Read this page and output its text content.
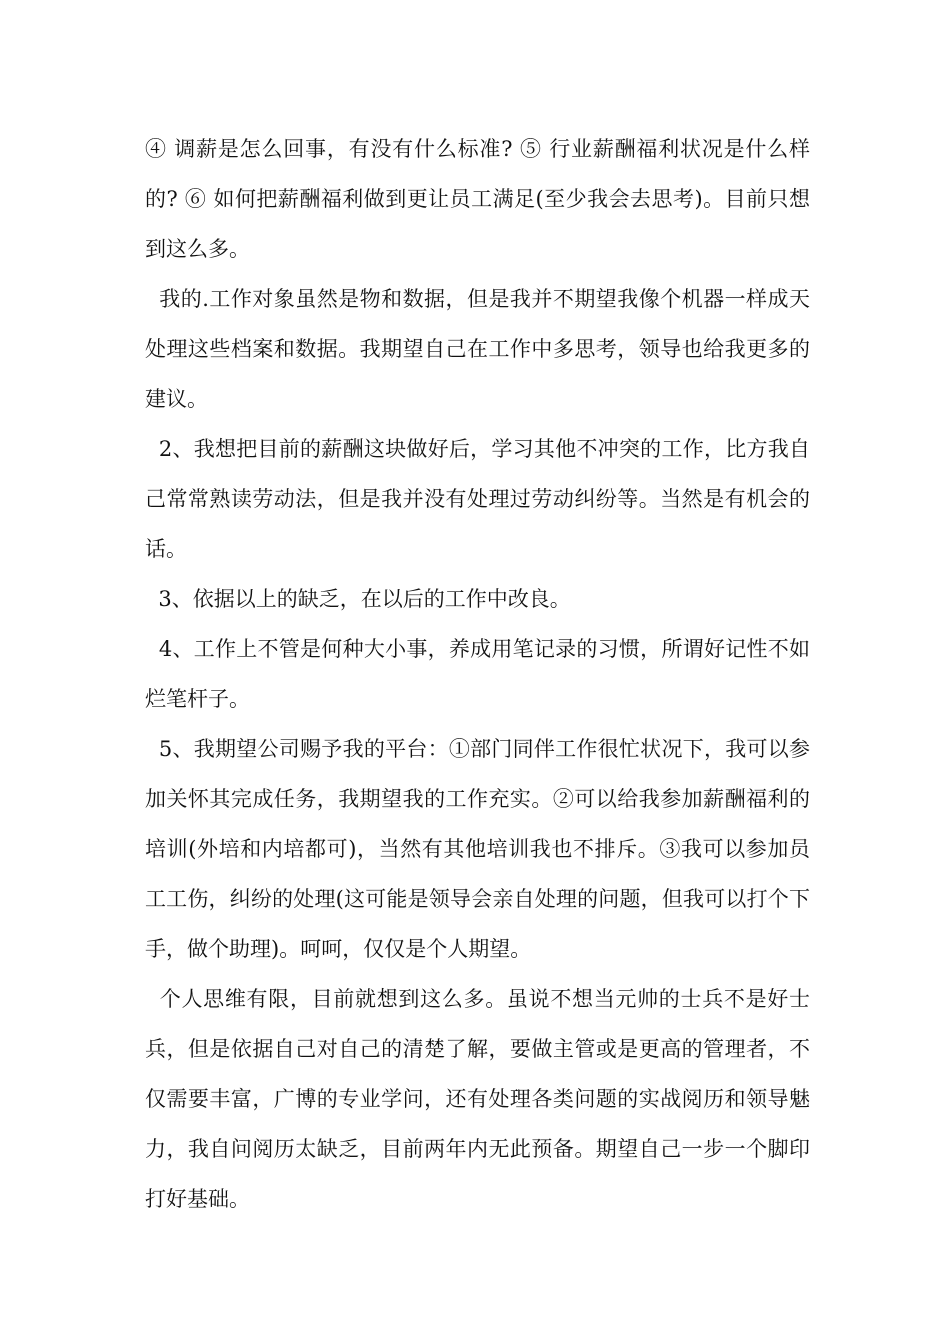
④ 调薪是怎么回事，有没有什么标准? ⑤ 行业薪酬福利状况是什么样的? ⑥ 如何把薪酬福利做到更让员工满足(至少我会去思考)。目前只想到这么多。

我的.工作对象虽然是物和数据，但是我并不期望我像个机器一样成天处理这些档案和数据。我期望自己在工作中多思考，领导也给我更多的建议。

2、我想把目前的薪酬这块做好后，学习其他不冲突的工作，比方我自己常常熟读劳动法，但是我并没有处理过劳动纠纷等。当然是有机会的话。

3、依据以上的缺乏，在以后的工作中改良。

4、工作上不管是何种大小事，养成用笔记录的习惯，所谓好记性不如烂笔杆子。

5、我期望公司赐予我的平台：①部门同伴工作很忙状况下，我可以参加关怀其完成任务，我期望我的工作充实。②可以给我参加薪酬福利的培训(外培和内培都可)，当然有其他培训我也不排斥。③我可以参加员工工伤，纠纷的处理(这可能是领导会亲自处理的问题，但我可以打个下手，做个助理)。呵呵，仅仅是个人期望。

个人思维有限，目前就想到这么多。虽说不想当元帅的士兵不是好士兵，但是依据自己对自己的清楚了解，要做主管或是更高的管理者，不仅需要丰富，广博的专业学问，还有处理各类问题的实战阅历和领导魅力，我自问阅历太缺乏，目前两年内无此预备。期望自己一步一个脚印打好基础。
